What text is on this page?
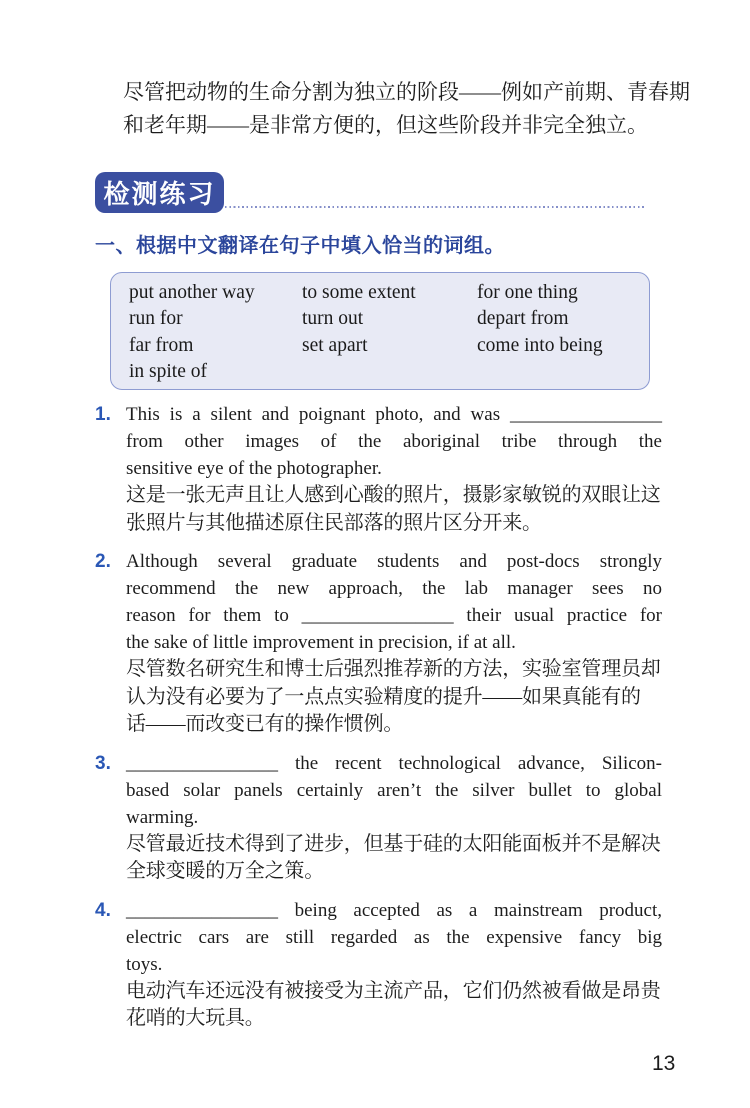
尽管把动物的生命分割为独立的阶段——例如产前期、青春期
和老年期——是非常方便的，但这些阶段并非完全独立。
检测练习
一、根据中文翻译在句子中填入恰当的词组。
put another way	to some extent	for one thing
run for	turn out	depart from
far from	set apart	come into being
in spite of
1. This is a silent and poignant photo, and was ________________
from other images of the aboriginal tribe through the
sensitive eye of the photographer.
这是一张无声且让人感到心酸的照片，摄影家敏锐的双眼让这
张照片与其他描述原住民部落的照片区分开来。
2. Although several graduate students and post-docs strongly
recommend the new approach, the lab manager sees no
reason for them to ________________ their usual practice for
the sake of little improvement in precision, if at all.
尽管数名研究生和博士后强烈推荐新的方法，实验室管理员却
认为没有必要为了一点点实验精度的提升——如果真能有的
话——而改变已有的操作惯例。
3. ________________ the recent technological advance, Silicon-
based solar panels certainly aren’t the silver bullet to global
warming.
尽管最近技术得到了进步，但基于硅的太阳能面板并不是解决
全球变暖的万全之策。
4. ________________ being accepted as a mainstream product,
electric cars are still regarded as the expensive fancy big
toys.
电动汽车还远没有被接受为主流产品，它们仍然被看做是昂贵
花哨的大玩具。
13
